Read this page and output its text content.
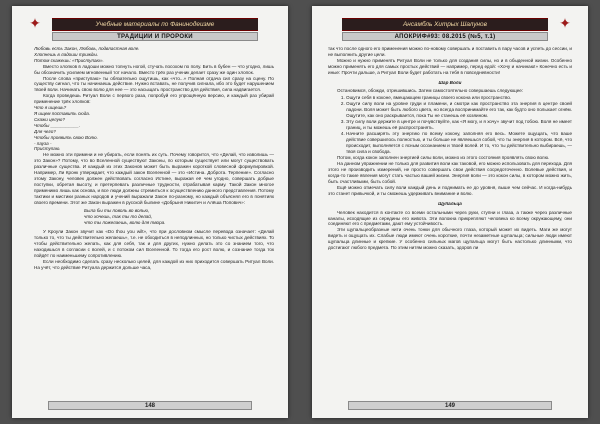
✦	Учебные материалы по Фанинодеизме
ТРАДИЦИИ И ПРОРОКИ

Любовь есть Закон, Любовь, подвластная воле.

Хлопнешь в ладоши трижды.

Потом скажешь: «Приступаю».

Вместо хлопков в ладоши можно топнуть ногой, стучать посохом по полу. Бить в бубен — что угодно, лишь бы обозначить усилием мгновенный тот начало. Вместо трёх раз ученик делает сразу же один хлопок.

После слова «приступаю» ты обязательно ощутишь, как «что...» Полная отдача сил сразу на сцену. По существу сигнал, что ты начинаешь действие. Нужно вставать, не получив сигнала, ибо это будет нарушением твоей воли. Начинать свою волю для нее — это насыщать пространство для действия, сила надвигается.

Когда проведешь Ритуал Воли с первого раза, попробуй его упрощённую версию, и каждый раз убирай применение трёх хлопков:

Что я ищешь?

Я ищем поставить сюда.

Скажи целую?

Чтобы ___________.

Для чего?

Чтобы проявить свою Волю.

- пауза -

Приступаю.

Не можно эти примени и не убирать, если понять их суть. Почему говорится, что «Делай, что изволишь — это Закон»? Потому, что во Вселенной существуют Законы, по которым существует или могут существовать различные существа. И каждый из этих Законов может быть выражен короткой словесной формулировкой. Например, Ли Кронк утверждает, что каждый закон Вселенной — это «Истина. Доброта. Терпение». Согласно этому Закону, человек должен действовать согласно Истине, выражая её чем угодно, совершать добрые поступки, обретая высоту, и претерпевать различные трудности, отрабатывая карму. Такой Закон многое применимо лишь как основа, и все люди должны стремиться к осуществлению данного представления. Потому тактики и мистики разных народов и учений выражали Закон по-разному, но каждый объяснял его в понятиях своего времени. Этот же Закон выражен в русской былине «Добрыня Никитич и Алёша Попович»:

Была бы ты поволь во волью,

что хочешь, так ты то делай,

что ты пожелаешь, волю для твора.

У Кроули Закон звучит как «Do thou you wilt», что при дословном смысле перевода означает: «Делай только то, что ты действительно желаешь», т.е. не обходиться в неподлинных, но только чистых действиях. То чтобы действительно желать, как для себя, так и для других, нужно делать это со знанием того, что находишься в согласии с волей, и с потоком сил Вселенной. То тогда его рост волю, и сознание тогда ток пойдёт по наименьшему сопротивлению.

Если необходимо сделать сразу несколько целей, для каждой из них приходится совершать Ритуал Воли. На учёт, что действие Ритуала держится дольше часа,

148
Ансамбль Хитрых Шалунов	✦
АПОКРИФ#93: 08.2015 (№5, т.1)

так что после одного его применения можно по-новому совершать и поставить в пару часов и успеть до сессии, и не выполнить другие цели.

Можно и нужно применять Ритуал Воли не только для создания силы, но и в обыденной жизни. Особенно можно применять его для самых простых действий — например, перед едой: «Хочу и начинаю!» Конечно есть и иные: Прочти дальше, а Ритуал Воли будет работать на тебя в повседневности!

Шар Воли

Остановимся, обожди, отрешившись. Затем самостоятельно совершаешь следующее:

1. Ощути себя в коконе, вмещающем границы своего кокона или пространство.
2. Ощути силу воли на уровне груди и пламени, и смотри как пространство эта энергия в центре своей ладони. Воля может быть любого цвета, но всегда воспринимайте его так, как будто оно полыхает огнём. Ощутите, как оно раскрывается, пока Ты не станешь её хозяином.
3. Эту силу воли держите в центре и почувствуйте, как «Я могу, и я хочу» звучит под тобою. Воля не имеет границ, и ты можешь её распространять.
4. Начните расширять эту энергию по всему кокону, заполняя его весь. Можете ощущать, что ваше действие совершилось полностью, и ты больше не являешься собой, что ты энергия в котором. Всё, что происходит, выполняется с ясным осознанием и твоей волей. И то, что ты действительно выбираешь, — твоя сила и свобода.

Потом, когда кокон заполнен энергией силы воли, можно из этого состояния проявлять свою волю.

На данном упражнении не только для развития воли как таковой, его можно использовать для перехода. Для этого не производить измерений, не просто совершать свои действия сосредоточенно. Волевые действия, и когда-то такие явления могут стать частью вашей жизни. Энергия воли — это кокон силы, в котором можно жить, быть счастливыми, быть собой.

Ещё можно отмечать силу воли каждый день и поднимать ее до уровня, выше чем сейчас. И когда-нибудь это станет привычкой, и ты сможешь удерживать внимание и волю.

Щупальца

Человек находится в контакте со всеми остальными через руки, ступни и глаза, а также через различные каналы, исходящие из середины его живота. Эти волокна прикрепляют человека ко всему окружающему, они соединяют его с предметами, дают ему устойчивость.

Эти щупальцеобразные нити очень тонки для обычного глаза, который может их видеть. Маги же могут видеть и ощущать их. Слабые люди имеют очень короткие, почти незаметные щупальца; сильные люди имеют щупальца длинные и крепкие. У особенно сильных магов щупальца могут быть настолько длинными, что достигают любого предмета. По этим нитям можно сказать, здоров ли

149
